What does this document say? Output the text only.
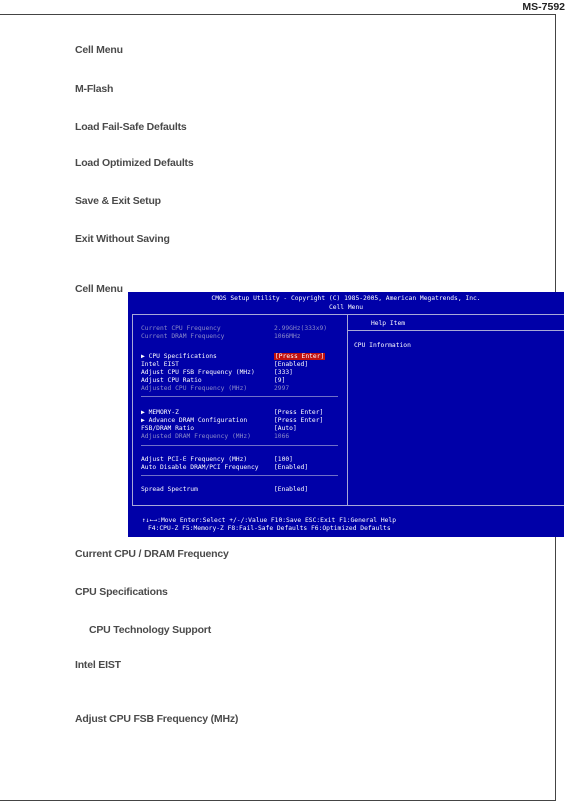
MS-7592
Cell Menu
M-Flash
Load Fail-Safe Defaults
Load Optimized Defaults
Save & Exit Setup
Exit Without Saving
Cell Menu
CMOS Setup Utility - Copyright (C) 1985-2005, American Megatrends, Inc.
Cell Menu
Help Item
CPU Information
Current CPU Frequency	2.99GHz(333x9)
Current DRAM Frequency	1066MHz
▶ CPU Specifications	[Press Enter]
Intel EIST	[Enabled]
Adjust CPU FSB Frequency (MHz)	[333]
Adjust CPU Ratio	[9]
Adjusted CPU Frequency (MHz)	2997
▶ MEMORY-Z	[Press Enter]
▶ Advance DRAM Configuration	[Press Enter]
FSB/DRAM Ratio	[Auto]
Adjusted DRAM Frequency (MHz)	1066
Adjust PCI-E Frequency (MHz)	[100]
Auto Disable DRAM/PCI Frequency [Enabled]
Spread Spectrum	[Enabled]
↑↓←→:Move Enter:Select +/-/:Value F10:Save ESC:Exit F1:General Help
F4:CPU-Z F5:Memory-Z F8:Fail-Safe Defaults F6:Optimized Defaults
Current CPU / DRAM Frequency
CPU Specifications
CPU Technology Support
Intel EIST
Adjust CPU FSB Frequency (MHz)
